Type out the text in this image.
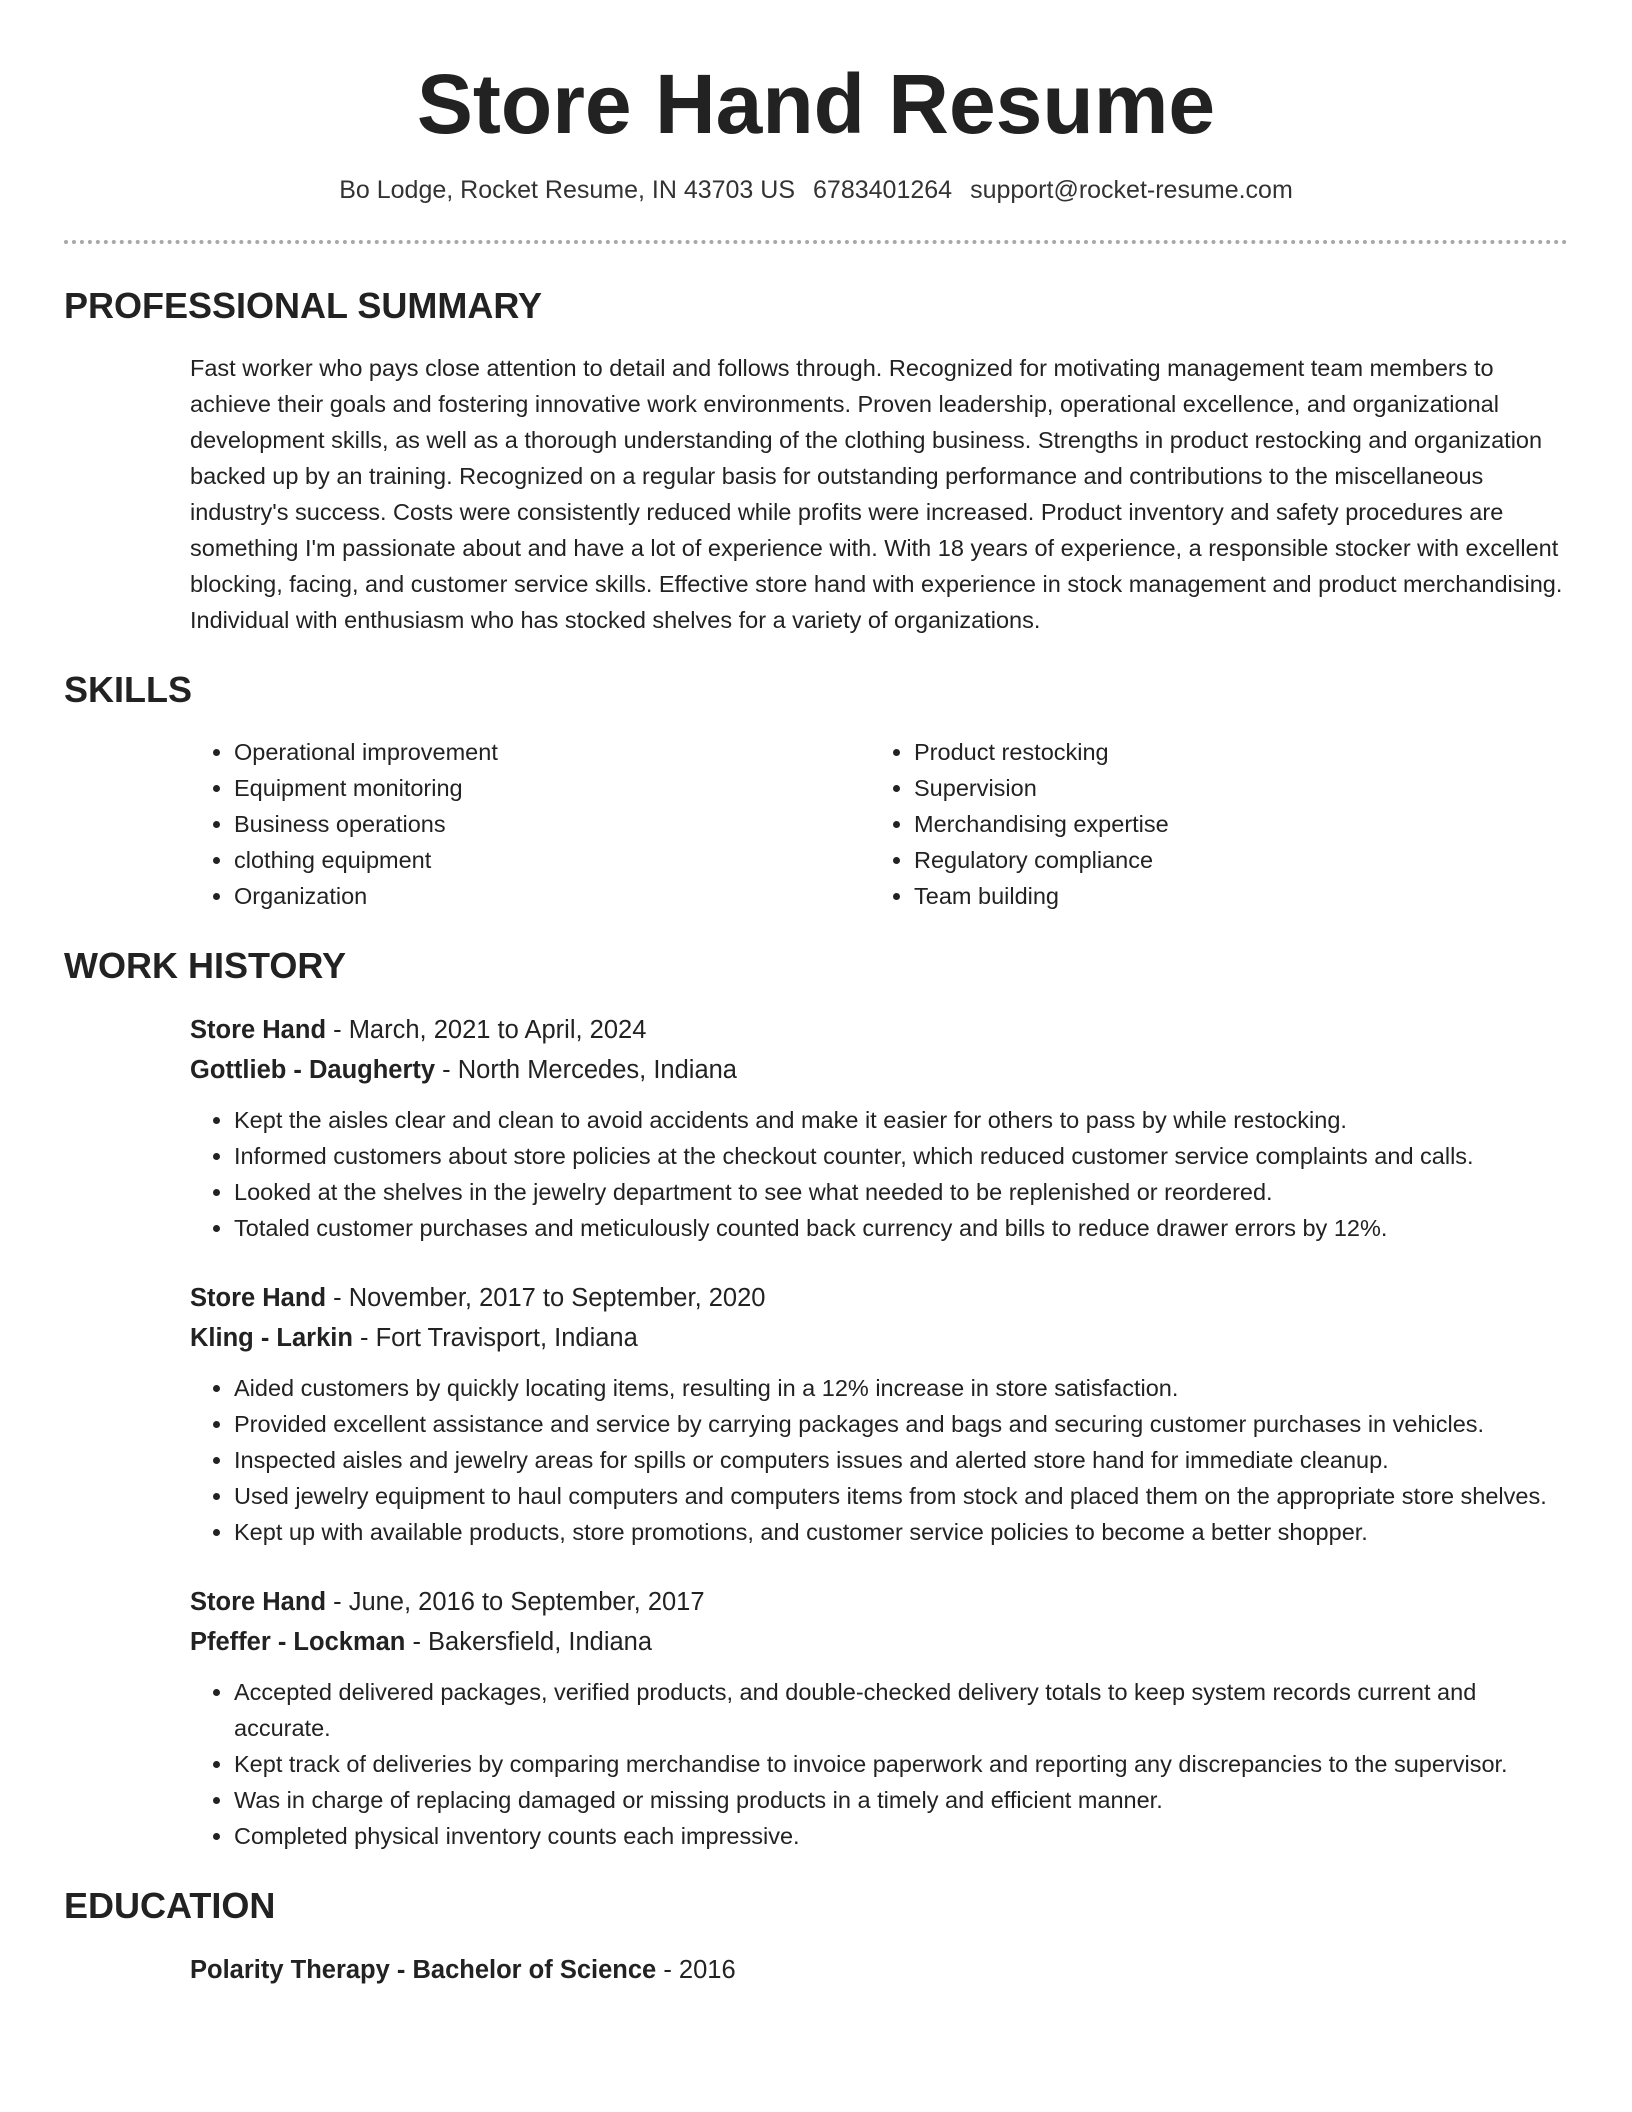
Store Hand Resume
Bo Lodge, Rocket Resume, IN 43703 US 6783401264 support@rocket-resume.com
PROFESSIONAL SUMMARY

Fast worker who pays close attention to detail and follows through. Recognized for motivating management team members to achieve their goals and fostering innovative work environments. Proven leadership, operational excellence, and organizational development skills, as well as a thorough understanding of the clothing business. Strengths in product restocking and organization backed up by an training. Recognized on a regular basis for outstanding performance and contributions to the miscellaneous industry's success. Costs were consistently reduced while profits were increased. Product inventory and safety procedures are something I'm passionate about and have a lot of experience with. With 18 years of experience, a responsible stocker with excellent blocking, facing, and customer service skills. Effective store hand with experience in stock management and product merchandising. Individual with enthusiasm who has stocked shelves for a variety of organizations.

SKILLS
• Operational improvement
• Equipment monitoring
• Business operations
• clothing equipment
• Organization
• Product restocking
• Supervision
• Merchandising expertise
• Regulatory compliance
• Team building
WORK HISTORY
Store Hand - March, 2021 to April, 2024
Gottlieb - Daugherty - North Mercedes, Indiana
• Kept the aisles clear and clean to avoid accidents and make it easier for others to pass by while restocking.
• Informed customers about store policies at the checkout counter, which reduced customer service complaints and calls.
• Looked at the shelves in the jewelry department to see what needed to be replenished or reordered.
• Totaled customer purchases and meticulously counted back currency and bills to reduce drawer errors by 12%.
Store Hand - November, 2017 to September, 2020
Kling - Larkin - Fort Travisport, Indiana
• Aided customers by quickly locating items, resulting in a 12% increase in store satisfaction.
• Provided excellent assistance and service by carrying packages and bags and securing customer purchases in vehicles.
• Inspected aisles and jewelry areas for spills or computers issues and alerted store hand for immediate cleanup.
• Used jewelry equipment to haul computers and computers items from stock and placed them on the appropriate store shelves.
• Kept up with available products, store promotions, and customer service policies to become a better shopper.
Store Hand - June, 2016 to September, 2017
Pfeffer - Lockman - Bakersfield, Indiana
• Accepted delivered packages, verified products, and double-checked delivery totals to keep system records current and accurate.
• Kept track of deliveries by comparing merchandise to invoice paperwork and reporting any discrepancies to the supervisor.
• Was in charge of replacing damaged or missing products in a timely and efficient manner.
• Completed physical inventory counts each impressive.
EDUCATION
Polarity Therapy - Bachelor of Science - 2016
